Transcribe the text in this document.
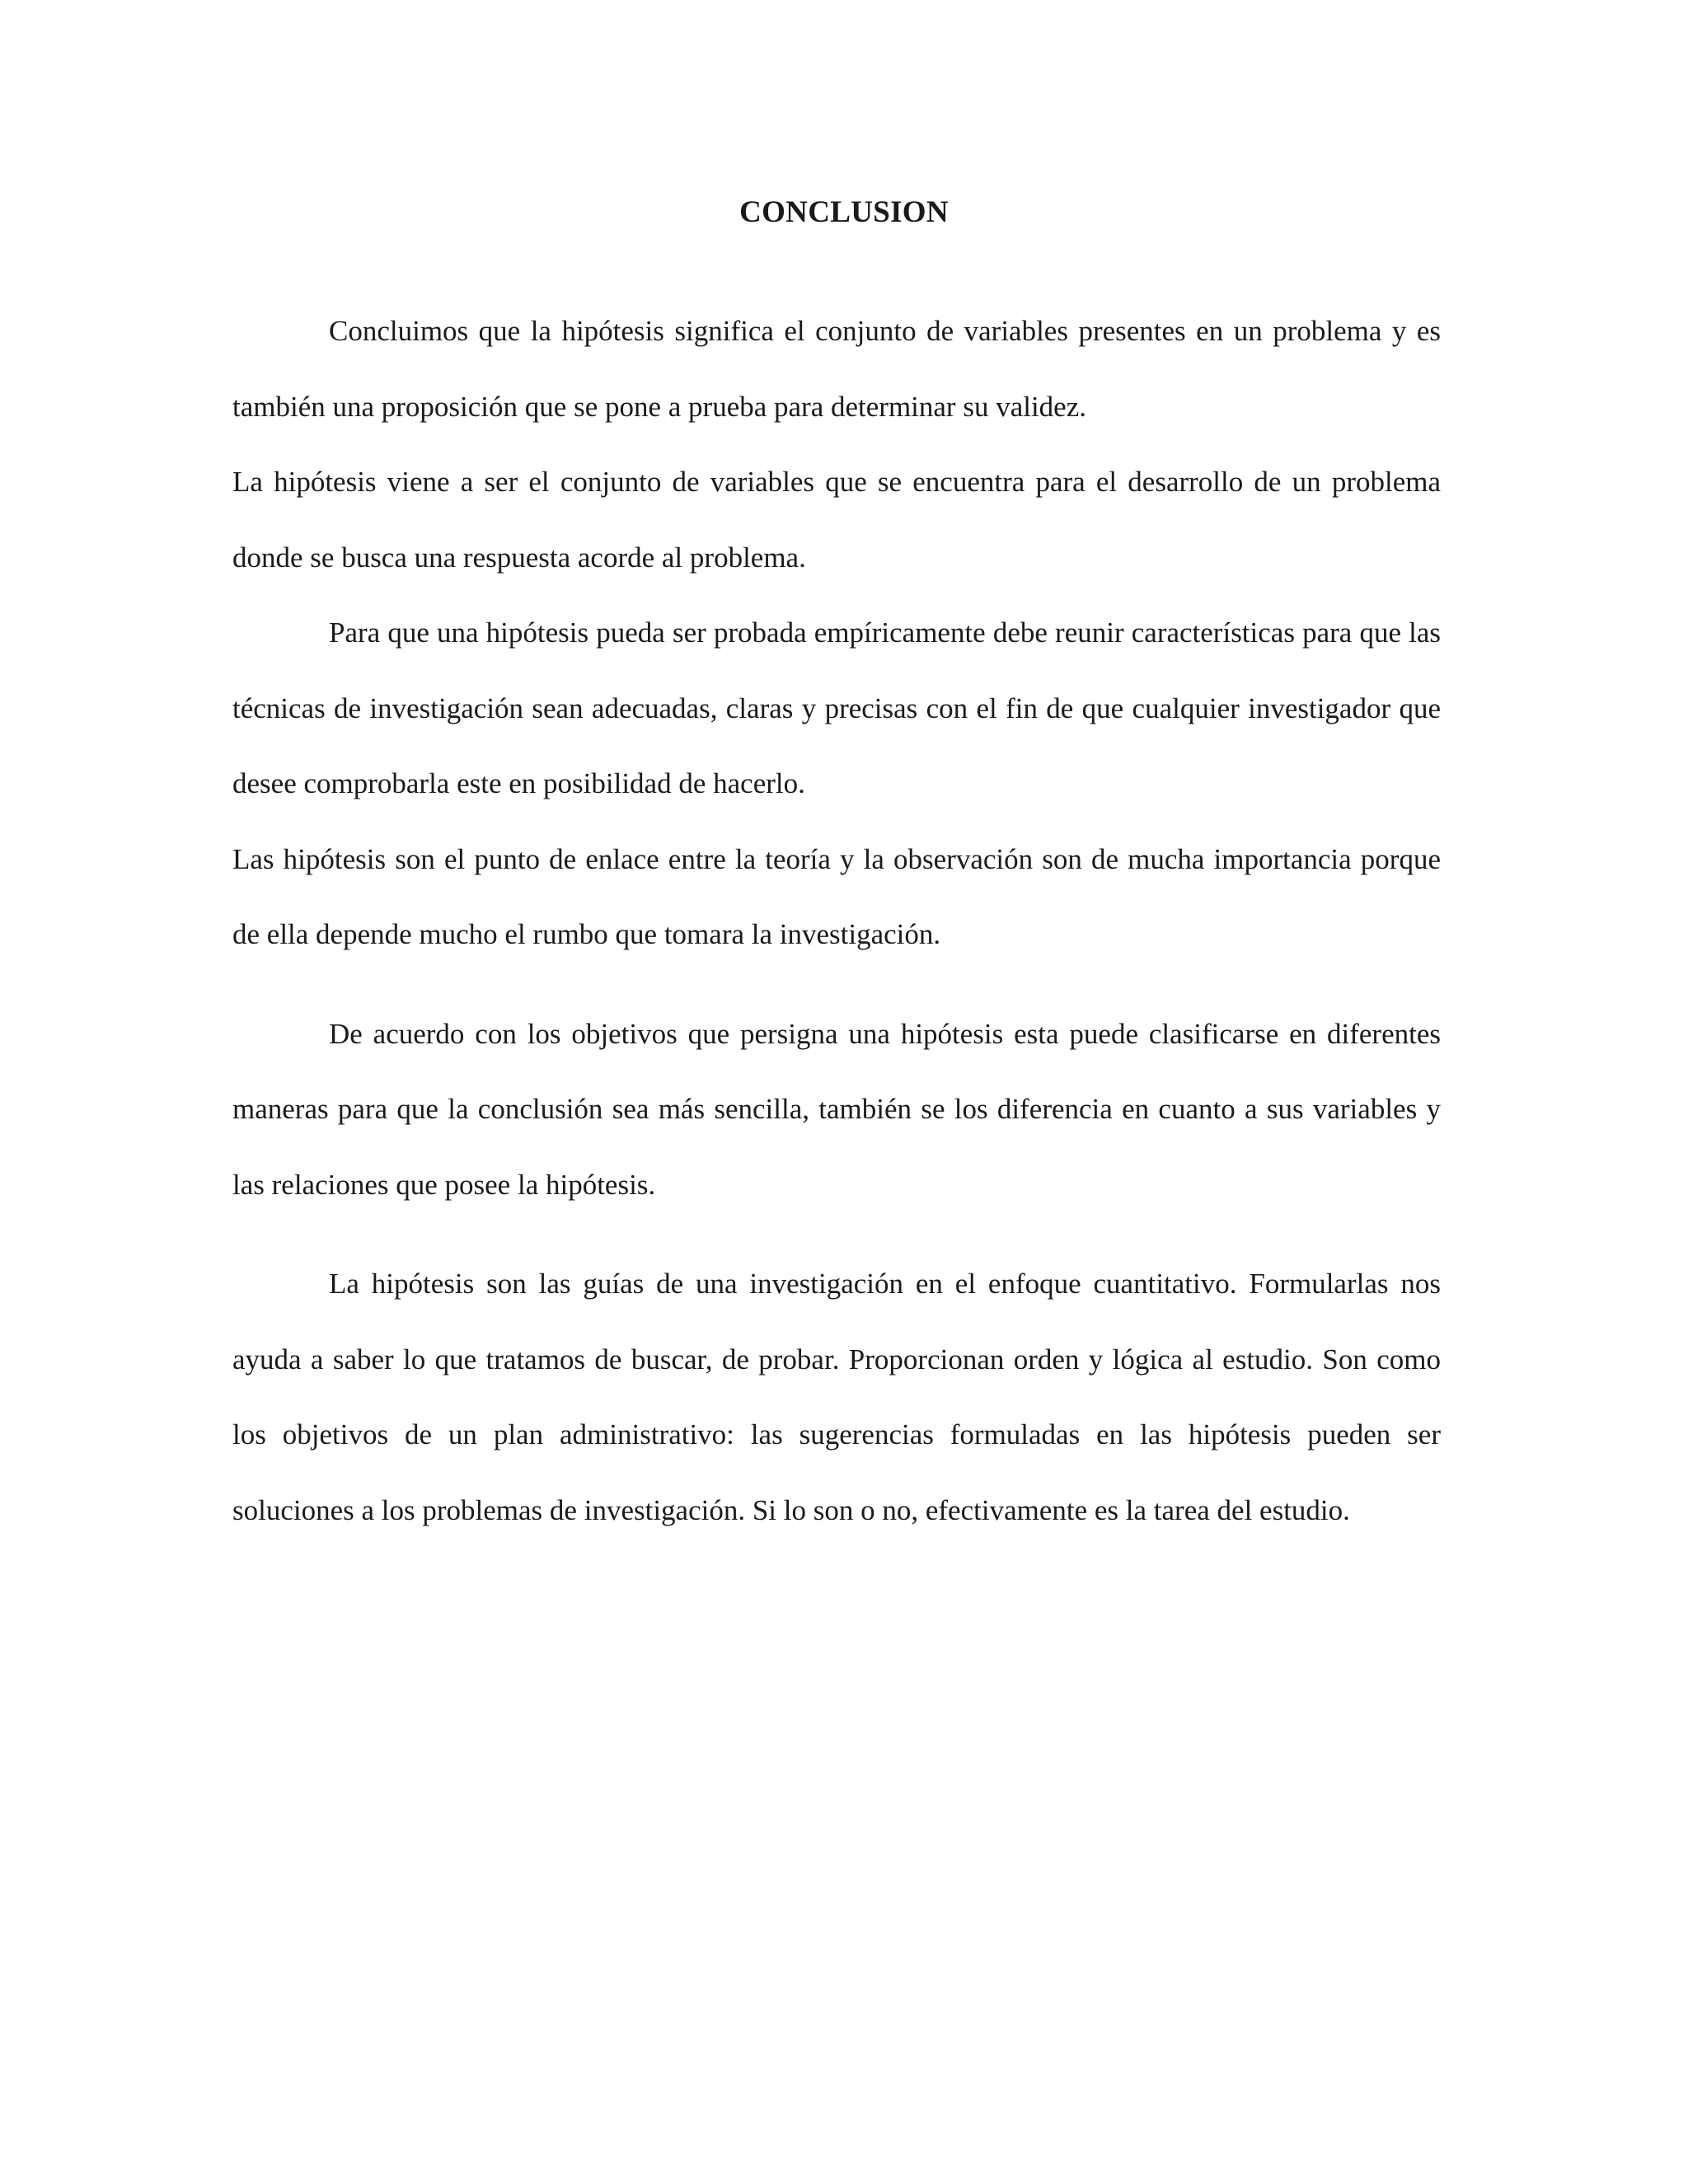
CONCLUSION

Concluimos que la hipótesis significa el conjunto de variables presentes en un problema y es también una proposición que se pone a prueba para determinar su validez.

La hipótesis viene a ser el conjunto de variables que se encuentra para el desarrollo de un problema donde se busca una respuesta acorde al problema.

Para que una hipótesis pueda ser probada empíricamente debe reunir características para que las técnicas de investigación sean adecuadas, claras y precisas con el fin de que cualquier investigador que desee comprobarla este en posibilidad de hacerlo.

Las hipótesis son el punto de enlace entre la teoría y la observación son de mucha importancia porque de ella depende mucho el rumbo que tomara la investigación.

De acuerdo con los objetivos que persigna una hipótesis esta puede clasificarse en diferentes maneras para que la conclusión sea más sencilla, también se los diferencia en cuanto a sus variables y las relaciones que posee la hipótesis.

La hipótesis son las guías de una investigación en el enfoque cuantitativo. Formularlas nos ayuda a saber lo que tratamos de buscar, de probar. Proporcionan orden y lógica al estudio. Son como los objetivos de un plan administrativo: las sugerencias formuladas en las hipótesis pueden ser soluciones a los problemas de investigación. Si lo son o no, efectivamente es la tarea del estudio.
